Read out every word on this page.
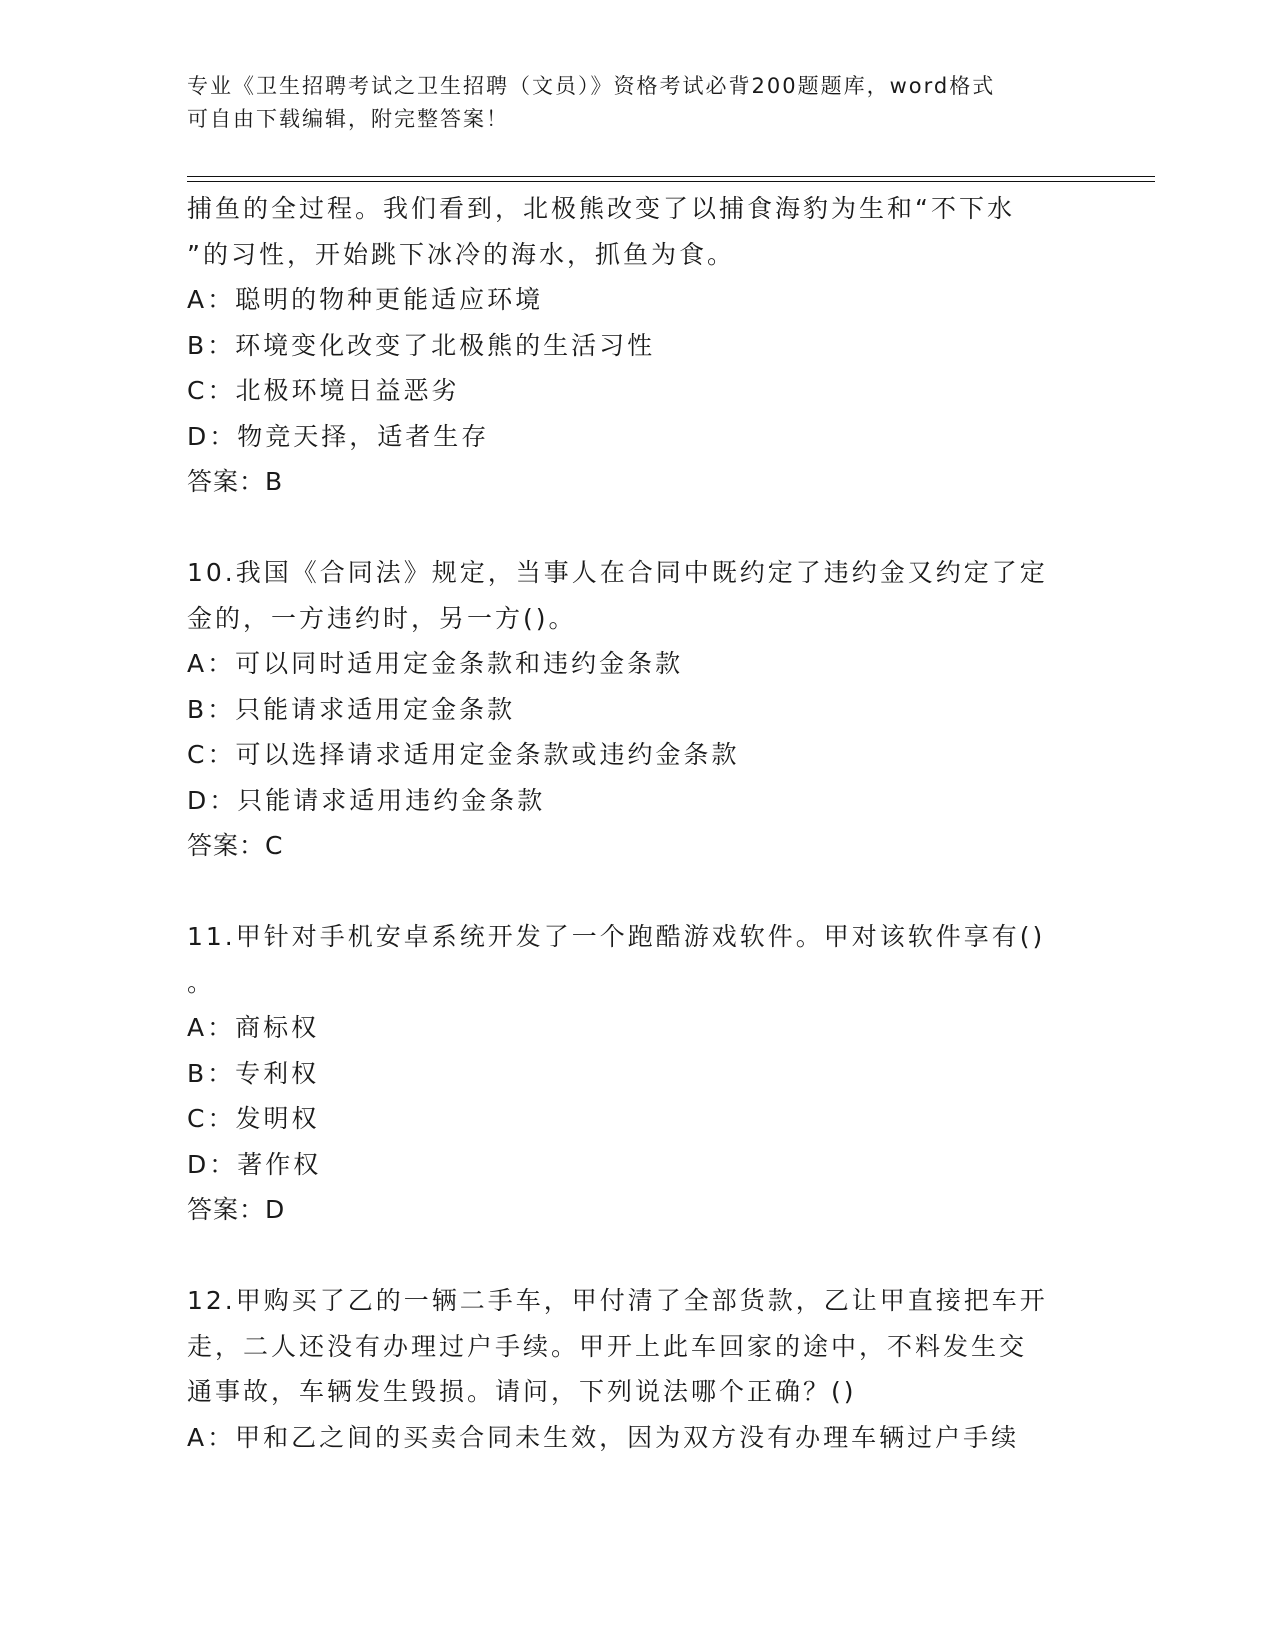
专业《卫生招聘考试之卫生招聘（文员）》资格考试必背200题题库，word格式

可自由下载编辑，附完整答案！

捕鱼的全过程。我们看到，北极熊改变了以捕食海豹为生和“不下水

”的习性，开始跳下冰冷的海水，抓鱼为食。

A：聪明的物种更能适应环境

B：环境变化改变了北极熊的生活习性

C：北极环境日益恶劣

D：物竞天择，适者生存

答案：B

10.我国《合同法》规定，当事人在合同中既约定了违约金又约定了定

金的，一方违约时，另一方()。

A：可以同时适用定金条款和违约金条款

B：只能请求适用定金条款

C：可以选择请求适用定金条款或违约金条款

D：只能请求适用违约金条款

答案：C

11.甲针对手机安卓系统开发了一个跑酷游戏软件。甲对该软件享有()

。

A：商标权

B：专利权

C：发明权

D：著作权

答案：D

12.甲购买了乙的一辆二手车，甲付清了全部货款，乙让甲直接把车开

走，二人还没有办理过户手续。甲开上此车回家的途中，不料发生交

通事故，车辆发生毁损。请问，下列说法哪个正确？()

A：甲和乙之间的买卖合同未生效，因为双方没有办理车辆过户手续
